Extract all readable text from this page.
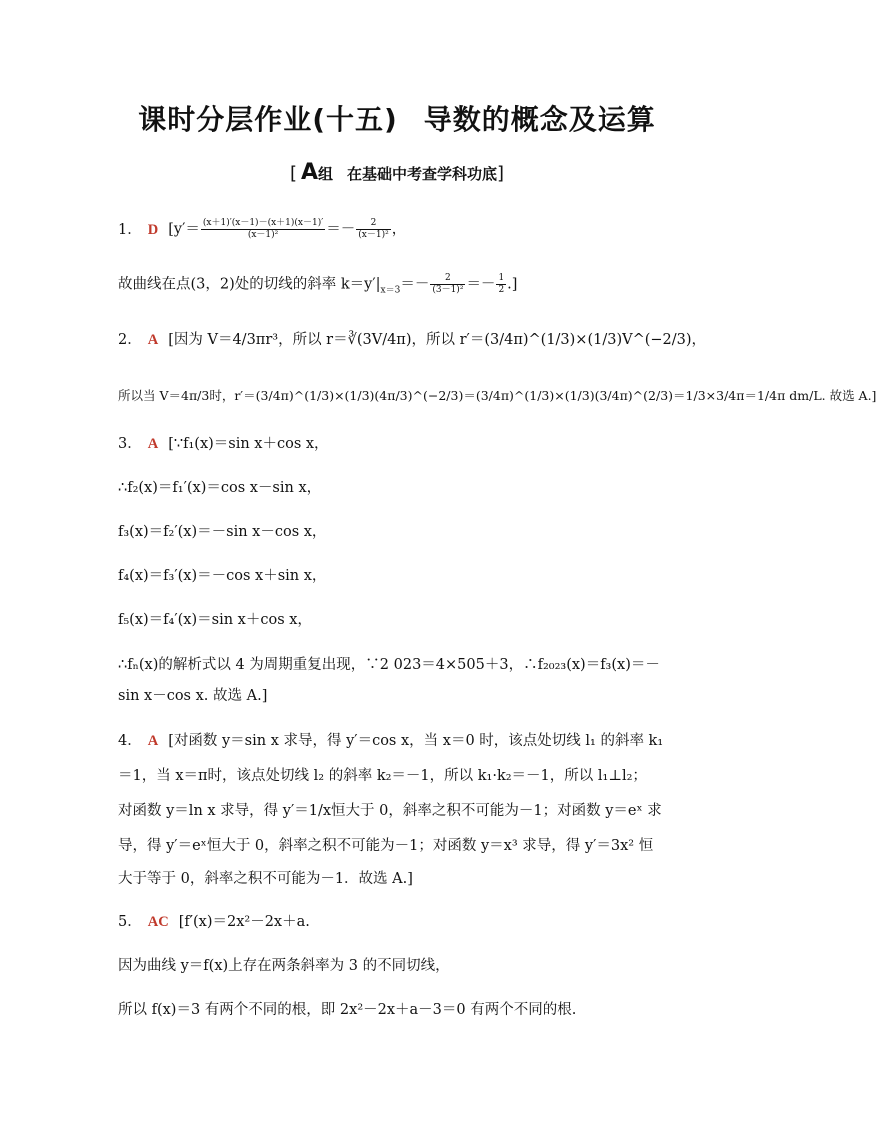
课时分层作业(十五) 导数的概念及运算
[ A组 在基础中考查学科功底]
1． D [$y'= \frac{(x+1)'(x-1)-(x+1)(x-1)'}{\text{(x－1)²}} =- \frac{2}{\text{(x－1)²}}$ ，
故曲线在点(3，2)处的切线的斜率 $k=y'|_{x=3}=- \frac{2}{\text{(3－1)²}} =- \frac{1}{2}$ .]
2． A [因为 V＝4/3πr³，所以 r＝∛(3V/4π)，所以 r′＝(3/4π)^(1/3)×(1/3)V^(−2/3)，
所以当 V＝4π/3时，r′＝(3/4π)^(1/3)×(1/3)(4π/3)^(−2/3)＝(3/4π)^(1/3)×(1/3)(3/4π)^(2/3)＝1/3×3/4π＝1/4π dm/L. 故选 A.]
3． A [∵f₁(x)＝sin x＋cos x，
∴f₂(x)＝f₁′(x)＝cos x－sin x，
f₃(x)＝f₂′(x)＝－sin x－cos x，
f₄(x)＝f₃′(x)＝－cos x＋sin x，
f₅(x)＝f₄′(x)＝sin x＋cos x，
∴fₙ(x)的解析式以 4 为周期重复出现，∵2 023＝4×505＋3，∴f₂₀₂₃(x)＝f₃(x)＝－
sin x－cos x. 故选 A.]
4． A [对函数 y＝sin x 求导，得 y′＝cos x，当 x＝0 时，该点处切线 l₁ 的斜率 k₁
＝1，当 x＝π时，该点处切线 l₂ 的斜率 k₂＝－1，所以 k₁·k₂＝－1，所以 l₁⊥l₂；
对函数 y＝ln x 求导，得 y′＝1/x恒大于 0，斜率之积不可能为－1；对函数 y＝eˣ 求
导，得 y′＝eˣ恒大于 0，斜率之积不可能为－1；对函数 y＝x³ 求导，得 y′＝3x² 恒
大于等于 0，斜率之积不可能为－1．故选 A.]
5． AC [f′(x)＝2x²－2x＋a.
因为曲线 y＝f(x)上存在两条斜率为 3 的不同切线，
所以 f(x)＝3 有两个不同的根，即 2x²－2x＋a－3＝0 有两个不同的根.
